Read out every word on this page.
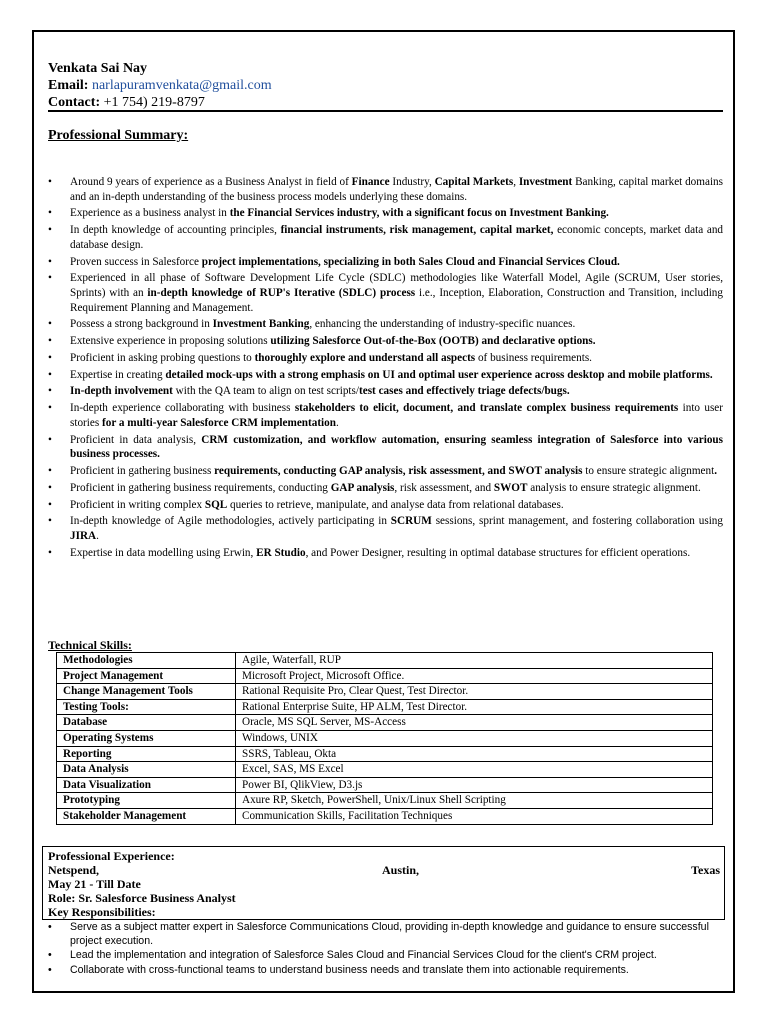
Venkata Sai Nay
Email: narlapuramvenkata@gmail.com
Contact: +1 754) 219-8797
Professional Summary:
• Around 9 years of experience as a Business Analyst in field of Finance Industry, Capital Markets, Investment Banking, capital market domains and an in-depth understanding of the business process models underlying these domains.
• Experience as a business analyst in the Financial Services industry, with a significant focus on Investment Banking.
• In depth knowledge of accounting principles, financial instruments, risk management, capital market, economic concepts, market data and database design.
• Proven success in Salesforce project implementations, specializing in both Sales Cloud and Financial Services Cloud.
• Experienced in all phase of Software Development Life Cycle (SDLC) methodologies like Waterfall Model, Agile (SCRUM, User stories, Sprints) with an in-depth knowledge of RUP's Iterative (SDLC) process i.e., Inception, Elaboration, Construction and Transition, including Requirement Planning and Management.
• Possess a strong background in Investment Banking, enhancing the understanding of industry-specific nuances.
• Extensive experience in proposing solutions utilizing Salesforce Out-of-the-Box (OOTB) and declarative options.
• Proficient in asking probing questions to thoroughly explore and understand all aspects of business requirements.
• Expertise in creating detailed mock-ups with a strong emphasis on UI and optimal user experience across desktop and mobile platforms.
• In-depth involvement with the QA team to align on test scripts/test cases and effectively triage defects/bugs.
• In-depth experience collaborating with business stakeholders to elicit, document, and translate complex business requirements into user stories for a multi-year Salesforce CRM implementation.
• Proficient in data analysis, CRM customization, and workflow automation, ensuring seamless integration of Salesforce into various business processes.
• Proficient in gathering business requirements, conducting GAP analysis, risk assessment, and SWOT analysis to ensure strategic alignment.
• Proficient in gathering business requirements, conducting GAP analysis, risk assessment, and SWOT analysis to ensure strategic alignment.
• Proficient in writing complex SQL queries to retrieve, manipulate, and analyse data from relational databases.
• In-depth knowledge of Agile methodologies, actively participating in SCRUM sessions, sprint management, and fostering collaboration using JIRA.
• Expertise in data modelling using Erwin, ER Studio, and Power Designer, resulting in optimal database structures for efficient operations.
Technical Skills:
Methodologies	Agile, Waterfall, RUP
Project Management	Microsoft Project, Microsoft Office.
Change Management Tools	Rational Requisite Pro, Clear Quest, Test Director.
Testing Tools:	Rational Enterprise Suite, HP ALM, Test Director.
Database	Oracle, MS SQL Server, MS-Access
Operating Systems	Windows, UNIX
Reporting	SSRS, Tableau, Okta
Data Analysis	Excel, SAS, MS Excel
Data Visualization	Power BI, QlikView, D3.js
Prototyping	Axure RP, Sketch, PowerShell, Unix/Linux Shell Scripting
Stakeholder Management	Communication Skills, Facilitation Techniques
Professional Experience:
Netspend,	Austin,	Texas
May 21 - Till Date
Role: Sr. Salesforce Business Analyst
Key Responsibilities:
• Serve as a subject matter expert in Salesforce Communications Cloud, providing in-depth knowledge and guidance to ensure successful project execution.
• Lead the implementation and integration of Salesforce Sales Cloud and Financial Services Cloud for the client's CRM project.
• Collaborate with cross-functional teams to understand business needs and translate them into actionable requirements.
